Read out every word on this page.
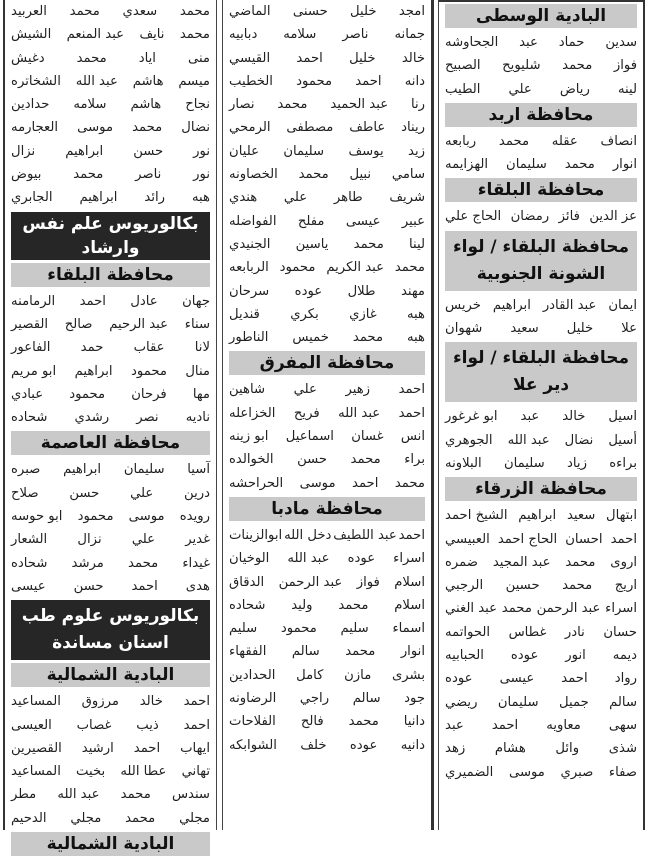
البادية الوسطى
سدين
حماد
عبد
الجحاوشه
فواز
محمد
شليويح
الصبيح
لينه
رياض
علي
الطيب
محافظة اربد
انصاف
عقله
محمد
ربابعه
انوار
محمد
سليمان
الهزايمه
محافظة البلقاء
عز الدين
فائز
رمضان
الحاج علي
محافظة البلقاء / لواء الشونة الجنوبية
ايمان
عبد القادر
ابراهيم
خريس
علا
خليل
سعيد
شهوان
محافظة البلقاء / لواء دير علا
اسيل
خالد
عبد
ابو غرغور
أسيل
نضال
عبد الله
الجوهري
براءه
زياد
سليمان
البلاونه
محافظة الزرقاء
ابتهال
سعيد
ابراهيم
الشيخ احمد
احمد
احسان
الحاج احمد
العبيسي
اروى
محمد
عبد المجيد
ضمره
اريج
محمد
حسين
الرجبي
اسراء
عبد الرحمن
محمد
عبد الغني
حسان
نادر
غطاس
الحواتمه
ديمه
انور
عوده
الحبابيه
رواد
احمد
عيسى
عوده
سالم
جميل
سليمان
ريضي
سهى
معاويه
احمد
عبد
شذى
وائل
هشام
زهد
صفاء
صبري
موسى
الضميري
امجد
خليل
حسنى
الماضي
جمانه
ناصر
سلامه
دبابيه
خالد
خليل
احمد
القيسي
دانه
احمد
محمود
الخطيب
رنا
عبد الحميد
محمد
نصار
ريناد
عاطف
مصطفى
الرمحي
زيد
يوسف
سليمان
عليان
سامي
نبيل
محمد
الخصاونه
شريف
طاهر
علي
هندي
عبير
عيسى
مفلح
الفواضله
لينا
محمد
ياسين
الجنيدي
محمد
عبد الكريم
محمود
الربابعه
مهند
طلال
عوده
سرحان
هبه
غازي
بكري
قنديل
هبه
محمد
خميس
الناطور
محافظة المفرق
احمد
زهير
علي
شاهين
احمد
عبد الله
فريح
الخزاعله
انس
غسان
اسماعيل
ابو زينه
براء
محمد
حسن
الخوالده
محمد
احمد
موسى
الحراحشه
محافظة مادبا
احمد
عبد اللطيف
دخل الله
ابوالزينات
اسراء
عوده
عبد الله
الوخيان
اسلام
فواز
عبد الرحمن
الدقاق
اسلام
محمد
وليد
شحاده
اسماء
سليم
محمود
سليم
انوار
محمد
سالم
الفقهاء
بشرى
مازن
كامل
الحدادين
جود
سالم
راجي
الرضاونه
دانيا
محمد
فالح
الفلاحات
دانيه
عوده
خلف
الشوابكه
محمد
سعدي
محمد
العربيد
محمد
نايف
عبد المنعم
الشيش
منى
اياد
محمد
دغيش
ميسم
هاشم
عبد الله
الشخاتره
نجاح
هاشم
سلامه
حدادين
نضال
محمد
موسى
العجارمه
نور
حسن
ابراهيم
نزال
نور
ناصر
محمد
بيوض
هبه
رائد
ابراهيم
الجابري
بكالوريوس علم نفس وارشاد
محافظة البلقاء
جهان
عادل
احمد
الرمامنه
سناء
عبد الرحيم
صالح
القصير
لانا
عقاب
حمد
الفاعور
منال
محمود
ابراهيم
ابو مريم
مها
فرحان
محمود
عبادي
ناديه
نصر
رشدي
شحاده
محافظة العاصمة
آسيا
سليمان
ابراهيم
صبره
درين
علي
حسن
صلاح
رويده
موسى
محمود
ابو حوسه
غدير
علي
نزال
الشعار
غيداء
محمد
مرشد
شحاده
هدى
احمد
حسن
عيسى
بكالوريوس علوم طب اسنان مساندة
البادية الشمالية
احمد
خالد
مرزوق
المساعيد
احمد
ذيب
غصاب
العيسى
ايهاب
احمد
ارشيد
القصيرين
تهاني
عطا الله
بخيت
المساعيد
سندس
محمد
عبد الله
مطر
مجلي
محمد
مجلي
الدحيم
البادية الشمالية
